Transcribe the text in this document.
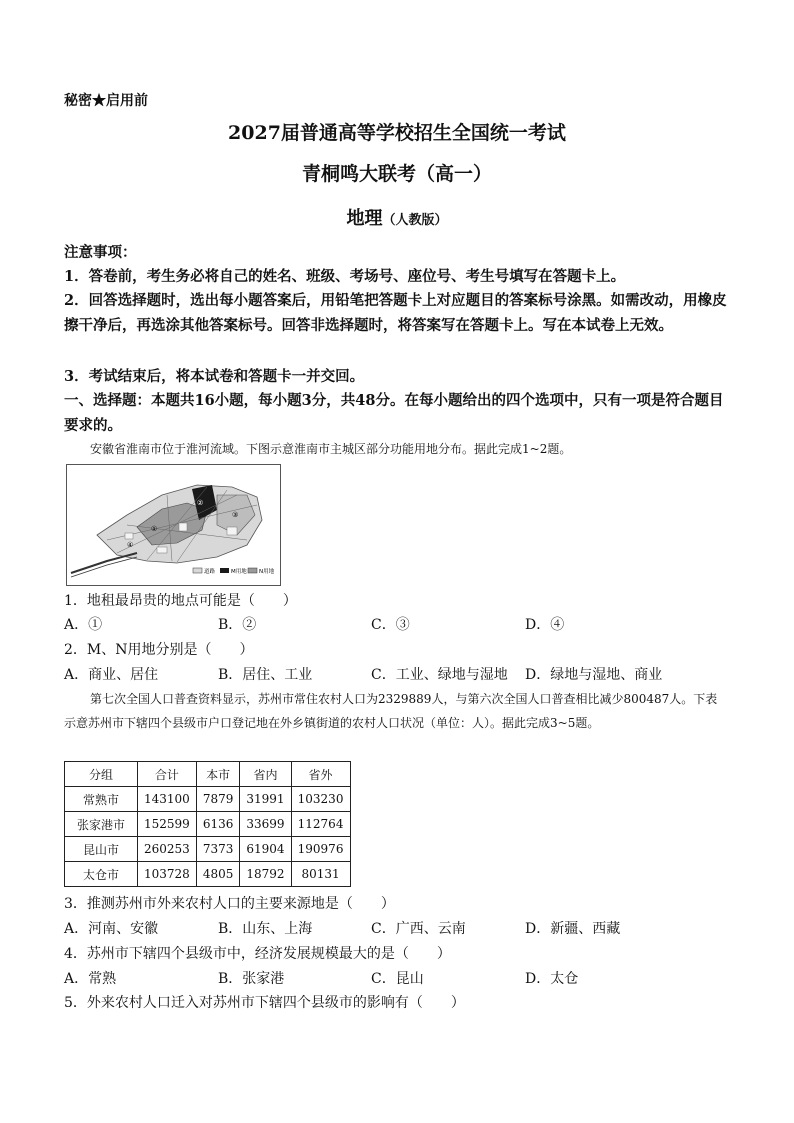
秘密★启用前
2027届普通高等学校招生全国统一考试
青桐鸣大联考（高一）
地理（人教版）
注意事项：
1．答卷前，考生务必将自己的姓名、班级、考场号、座位号、考生号填写在答题卡上。
2．回答选择题时，选出每小题答案后，用铅笔把答题卡上对应题目的答案标号涂黑。如需改动，用橡皮擦干净后，再选涂其他答案标号。回答非选择题时，将答案写在答题卡上。写在本试卷上无效。
3．考试结束后，将本试卷和答题卡一并交回。
一、选择题：本题共16小题，每小题3分，共48分。在每小题给出的四个选项中，只有一项是符合题目要求的。
安徽省淮南市位于淮河流域。下图示意淮南市主城区部分功能用地分布。据此完成1~2题。
①
②
③
④
道路	M用地 N用地
1．地租最昂贵的地点可能是（　　）
A．①	B．②	C．③	D．④
2．M、N用地分别是（　　）
A．商业、居住	B．居住、工业	C．工业、绿地与湿地 D．绿地与湿地、商业
第七次全国人口普查资料显示，苏州市常住农村人口为2329889人，与第六次全国人口普查相比减少800487人。下表示意苏州市下辖四个县级市户口登记地在外乡镇街道的农村人口状况（单位：人）。据此完成3~5题。
分组	合计	本市	省内	省外
常熟市	143100	7879	31991	103230
张家港市	152599	6136	33699	112764
昆山市	260253	7373	61904	190976
太仓市	103728	4805	18792	80131
3．推测苏州市外来农村人口的主要来源地是（　　）
A．河南、安徽	B．山东、上海	C．广西、云南	D．新疆、西藏
4．苏州市下辖四个县级市中，经济发展规模最大的是（　　）
A．常熟	B．张家港	C．昆山	D．太仓
5．外来农村人口迁入对苏州市下辖四个县级市的影响有（　　）
